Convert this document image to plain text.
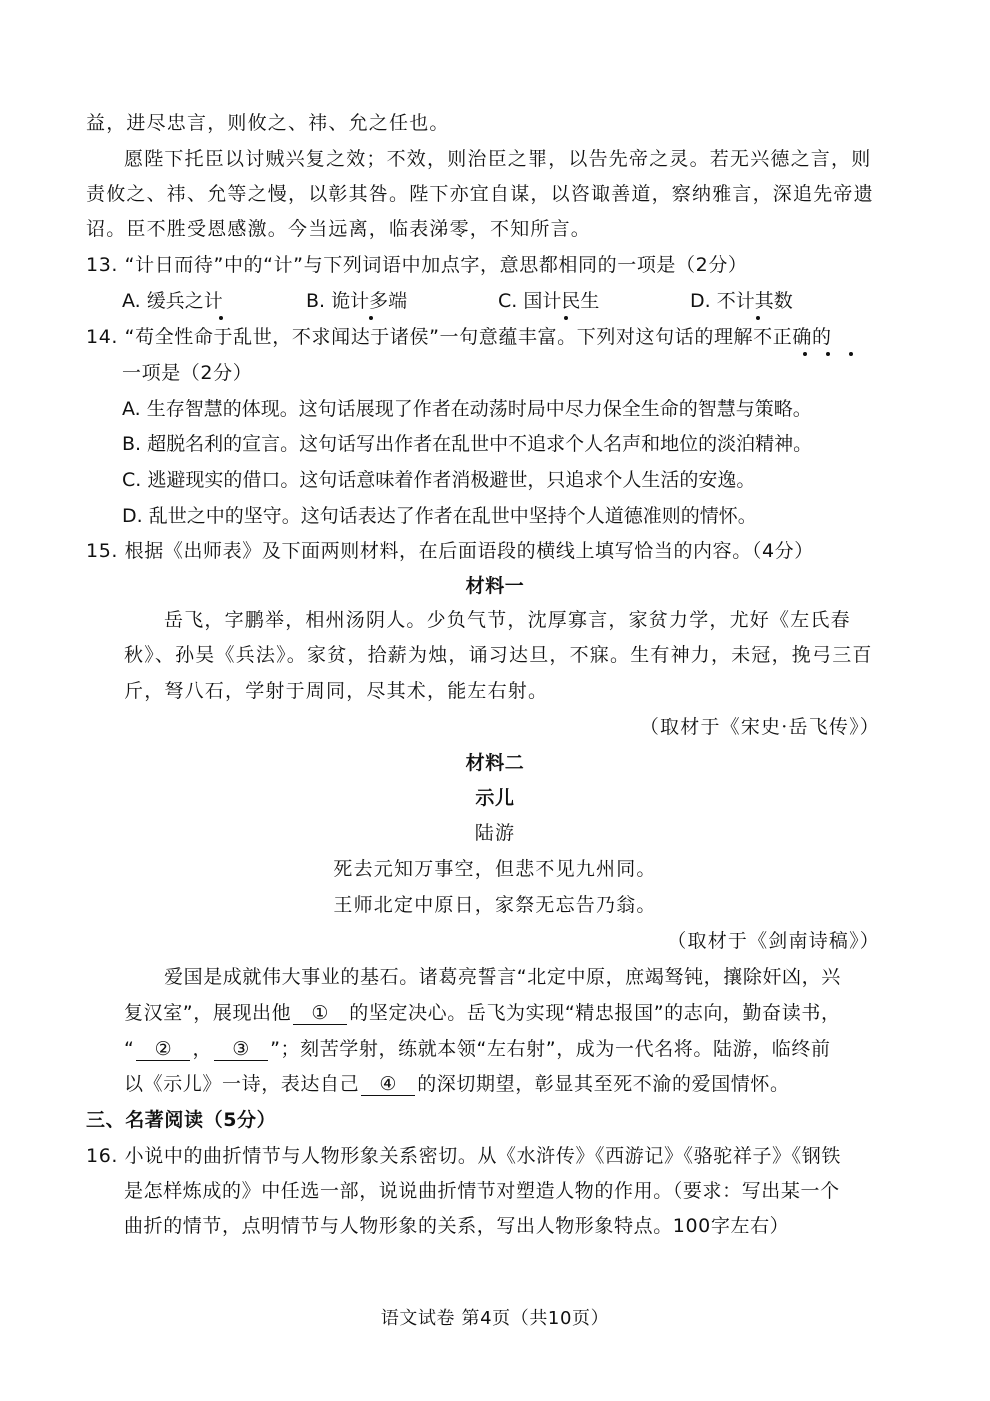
益，进尽忠言，则攸之、祎、允之任也。
愿陛下托臣以讨贼兴复之效；不效，则治臣之罪，以告先帝之灵。若无兴德之言，则
责攸之、祎、允等之慢，以彰其咎。陛下亦宜自谋，以咨诹善道，察纳雅言，深追先帝遗
诏。臣不胜受恩感激。今当远离，临表涕零，不知所言。
13. “计日而待”中的“计”与下列词语中加点字，意思都相同的一项是（2分）
A. 缓兵之计	B. 诡计多端	C. 国计民生	D. 不计其数
14. “苟全性命于乱世，不求闻达于诸侯”一句意蕴丰富。下列对这句话的理解不正确的
一项是（2分）
A. 生存智慧的体现。这句话展现了作者在动荡时局中尽力保全生命的智慧与策略。
B. 超脱名利的宣言。这句话写出作者在乱世中不追求个人名声和地位的淡泊精神。
C. 逃避现实的借口。这句话意味着作者消极避世，只追求个人生活的安逸。
D. 乱世之中的坚守。这句话表达了作者在乱世中坚持个人道德准则的情怀。
15. 根据《出师表》及下面两则材料，在后面语段的横线上填写恰当的内容。（4分）
材料一
岳飞，字鹏举，相州汤阴人。少负气节，沈厚寡言，家贫力学，尤好《左氏春
秋》、孙吴《兵法》。家贫，拾薪为烛，诵习达旦，不寐。生有神力，未冠，挽弓三百
斤，弩八石，学射于周同，尽其术，能左右射。
（取材于《宋史·岳飞传》）
材料二
示儿
陆游
死去元知万事空，但悲不见九州同。
王师北定中原日，家祭无忘告乃翁。
（取材于《剑南诗稿》）
爱国是成就伟大事业的基石。诸葛亮誓言“北定中原，庶竭驽钝，攘除奸凶，兴
复汉室”，展现出他 ① 的坚定决心。岳飞为实现“精忠报国”的志向，勤奋读书，
“ ② ， ③ ”；刻苦学射，练就本领“左右射”，成为一代名将。陆游，临终前
以《示儿》一诗，表达自己 ④ 的深切期望，彰显其至死不渝的爱国情怀。
三、名著阅读（5分）
16. 小说中的曲折情节与人物形象关系密切。从《水浒传》《西游记》《骆驼祥子》《钢铁
是怎样炼成的》中任选一部，说说曲折情节对塑造人物的作用。（要求：写出某一个
曲折的情节，点明情节与人物形象的关系，写出人物形象特点。100字左右）
语文试卷 第4页（共10页）
